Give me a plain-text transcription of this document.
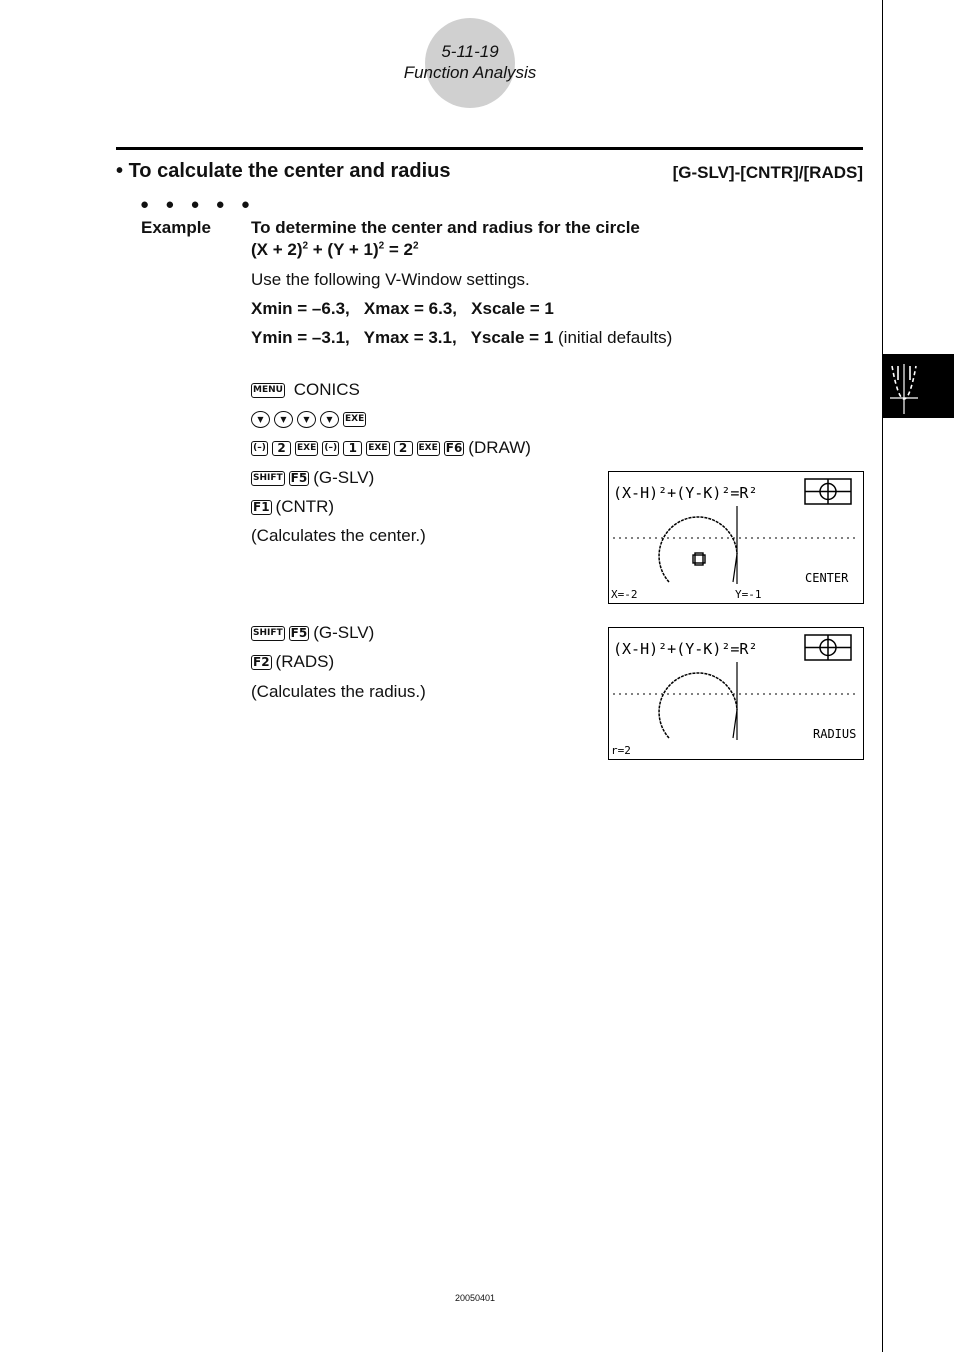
5-11-19
Function Analysis
• To calculate the center and radius	[G-SLV]-[CNTR]/[RADS]
● ● ● ● ●
Example To determine the center and radius for the circle
$(X + 2)^2 + (Y + 1)^2 = 2^2$
Use the following V-Window settings.
Xmin = –6.3,   Xmax = 6.3,   Xscale = 1
Ymin = –3.1,   Ymax = 3.1,   Yscale = 1 (initial defaults)
MENU CONICS
▼ ▼ ▼ ▼ EXE
(–) 2 EXE (–) 1 EXE 2 EXE F6 (DRAW)
SHIFT F5 (G-SLV)
F1 (CNTR)
(Calculates the center.)
SHIFT F5 (G-SLV)
F2 (RADS)
(Calculates the radius.)
(X-H)²+(Y-K)²=R²
CENTER
X=-2	Y=-1
(X-H)²+(Y-K)²=R²
RADIUS
r=2
20050401
